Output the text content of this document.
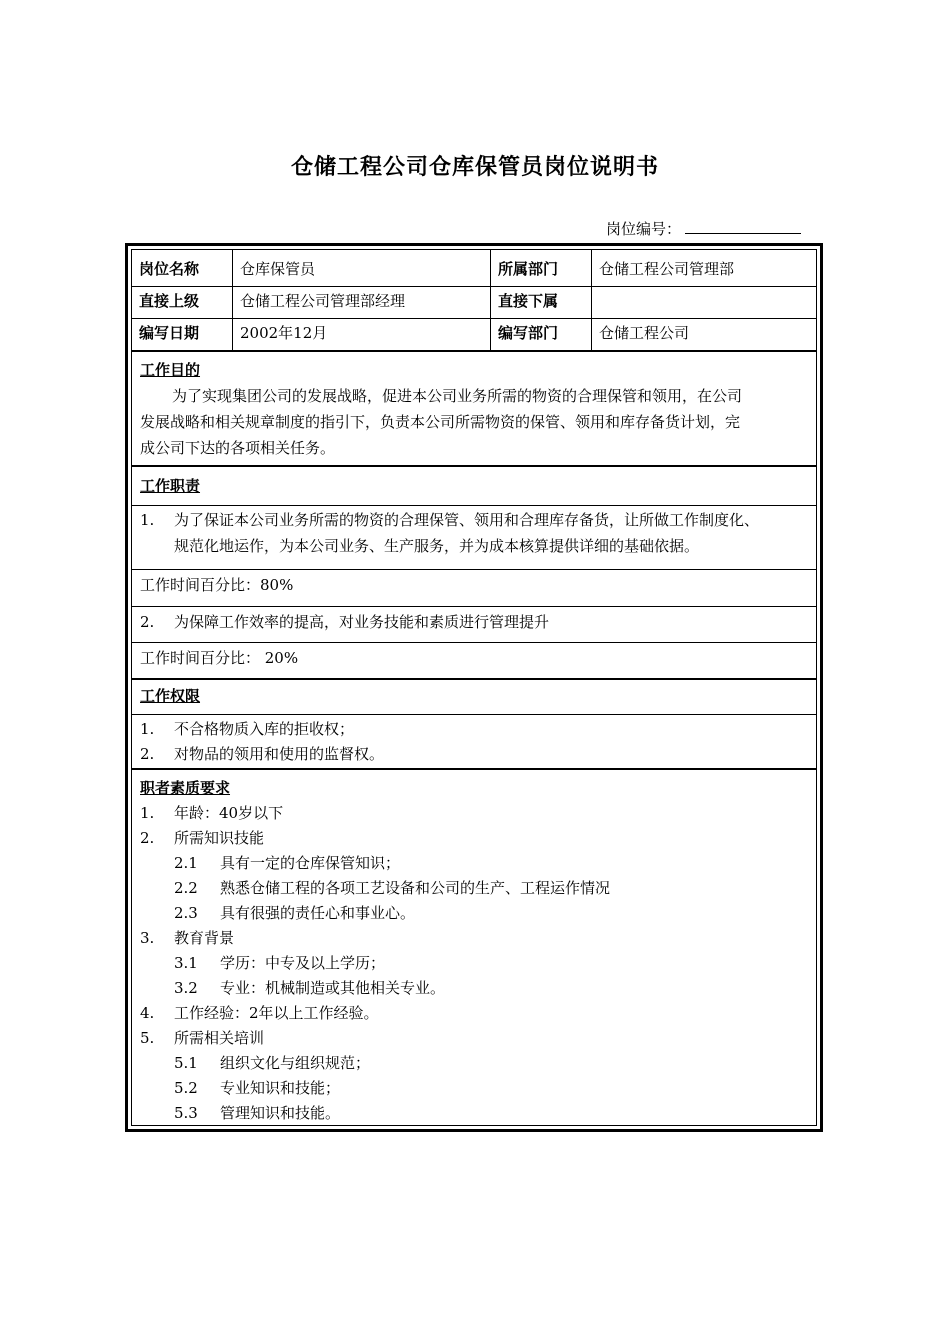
仓储工程公司仓库保管员岗位说明书
岗位编号：
岗位名称	仓库保管员	所属部门	仓储工程公司管理部
直接上级	仓储工程公司管理部经理	直接下属
编写日期	2002年12月	编写部门	仓储工程公司
工作目的
为了实现集团公司的发展战略，促进本公司业务所需的物资的合理保管和领用，在公司
发展战略和相关规章制度的指引下，负责本公司所需物资的保管、领用和库存备货计划，完
成公司下达的各项相关任务。
工作职责
1. 为了保证本公司业务所需的物资的合理保管、领用和合理库存备货，让所做工作制度化、
规范化地运作，为本公司业务、生产服务，并为成本核算提供详细的基础依据。
工作时间百分比：80%
2. 为保障工作效率的提高，对业务技能和素质进行管理提升
工作时间百分比： 20%
工作权限
1. 不合格物质入库的拒收权；
2. 对物品的领用和使用的监督权。
职者素质要求
1. 年龄：40岁以下
2. 所需知识技能
2.1 具有一定的仓库保管知识；
2.2 熟悉仓储工程的各项工艺设备和公司的生产、工程运作情况
2.3 具有很强的责任心和事业心。
3. 教育背景
3.1 学历：中专及以上学历；
3.2 专业：机械制造或其他相关专业。
4. 工作经验：2年以上工作经验。
5. 所需相关培训
5.1 组织文化与组织规范；
5.2 专业知识和技能；
5.3 管理知识和技能。
